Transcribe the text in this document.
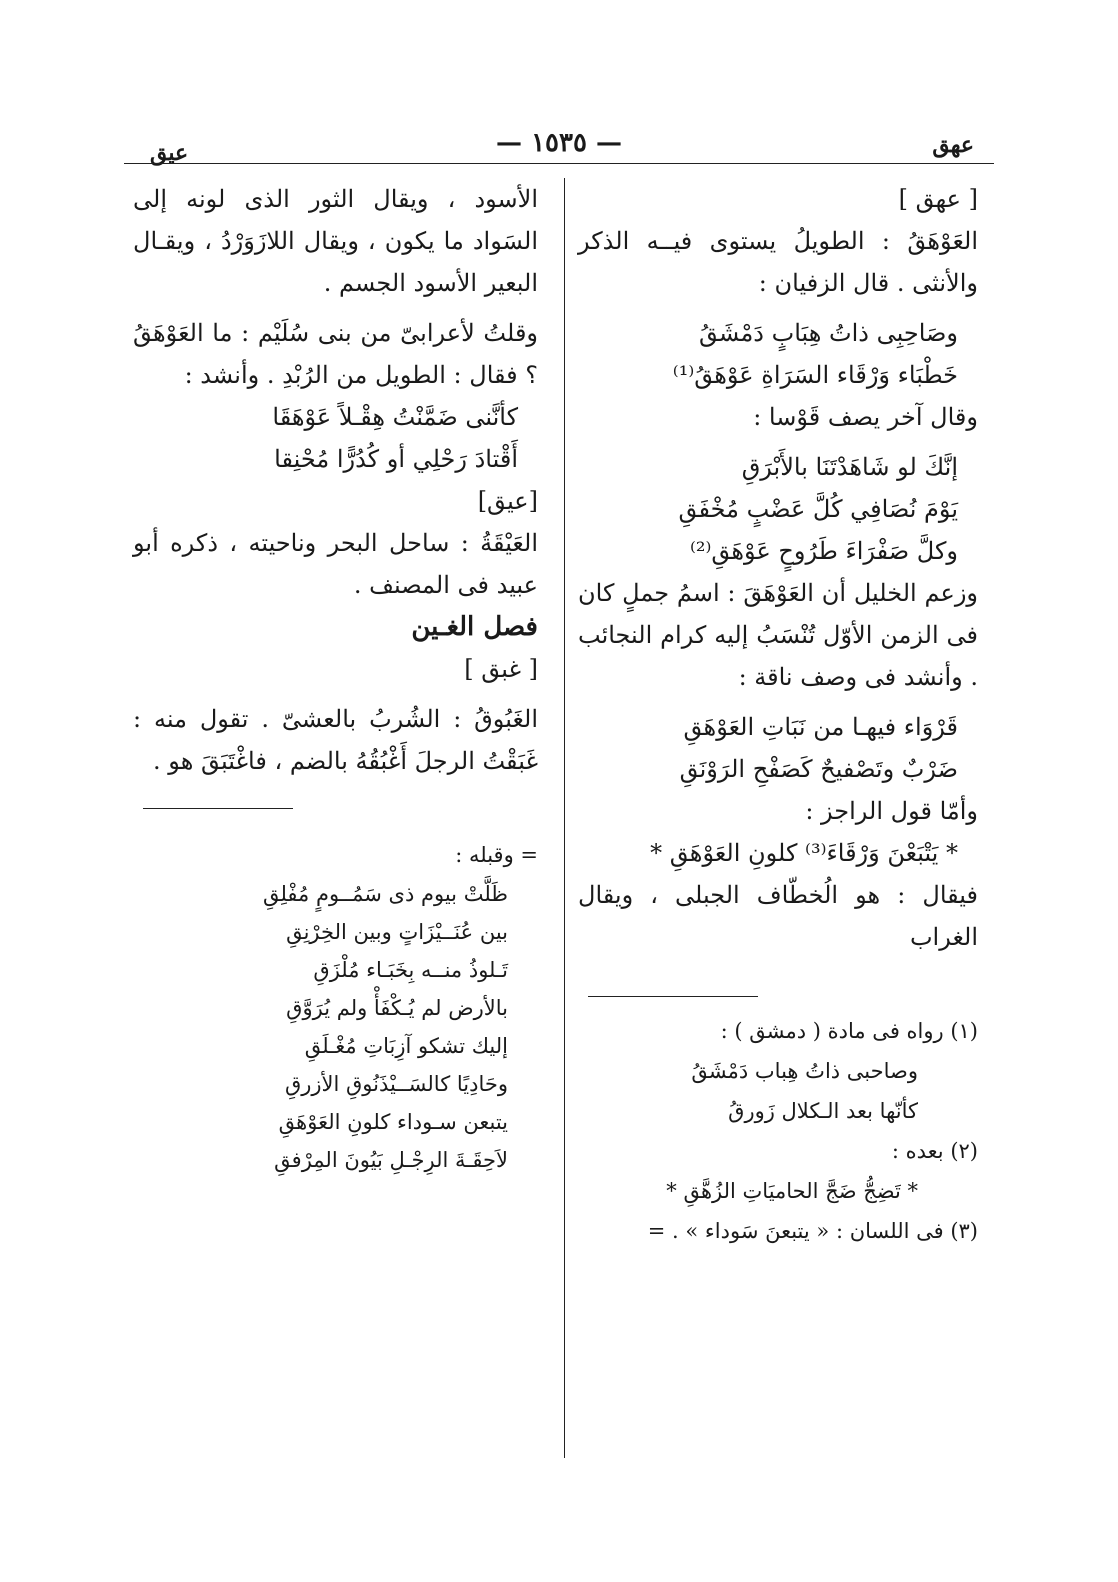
عهق
— ١٥٣٥ —
عيق

[ عهق ]

العَوْهَقُ : الطويلُ يستوى فيــه الذكر والأنثى . قال الزفيان :

وصَاحِبِى ذاتُ هِبَابٍ دَمْشَقُ

خَطْبَاء وَرْقَاء السَرَاةِ عَوْهَقُ⁽¹⁾

وقال آخر يصف قَوْسا :

إنَّكَ لو شَاهَدْتَنَا بالأَبْرَقِ

يَوْمَ نُصَافِي كُلَّ عَضْبٍ مُخْفَقِ

وكلَّ صَفْرَاءَ طَرُوحٍ عَوْهَقِ⁽²⁾

وزعم الخليل أن العَوْهَقَ : اسمُ جملٍ كان فى الزمن الأوّل تُنْسَبُ إليه كرام النجائب . وأنشد فى وصف ناقة :

قَرْوَاء فيهـا من نَبَاتِ العَوْهَقِ

ضَرْبٌ وتَصْفيحٌ كَصَفْحِ الرَوْنَقِ

وأمّا قول الراجز :

* يَتْبَعْنَ وَرْقَاءَ⁽³⁾ كلونِ العَوْهَقِ *

فيقال : هو الُخطّاف الجبلى ، ويقال الغراب

(١) رواه فى مادة ( دمشق ) :

وصاحبى ذاتُ هِباب دَمْشَقُ

كأنّها بعد الـكلال زَورقُ

(٢) بعده :

* تَضِجُّ ضَجَّ الحاميَاتِ الزُهَّقِ *

(٣) فى اللسان : « يتبعنَ سَوداء » . =

الأسود ، ويقال الثور الذى لونه إلى السَواد ما يكون ، ويقال اللازَوَرْدُ ، ويقـال البعير الأسود الجسم .

وقلتُ لأعرابىّ من بنى سُلَيْم : ما العَوْهَقُ ؟ فقال : الطويل من الرُبْدِ . وأنشد :

كأنَّنى ضَمَّنْتُ هِقْـلاً عَوْهَقَا

أَقْتادَ رَحْلِي أو كُدُرًّا مُحْنِقا

[عيق]

العَيْقَةُ : ساحل البحر وناحيته ، ذكره أبو عبيد فى المصنف .

فصل الغـين

[ غبق ]

الغَبُوقُ : الشُربُ بالعشىّ . تقول منه : غَبَقْتُ الرجلَ أَغْبُقُهُ بالضم ، فاغْتَبَقَ هو .

= وقبله :

ظَلَّتْ بيوم ذى سَمُــومٍ مُفْلِقِ

بين عُنَــيْزَاتٍ وبين الخِرْنِقِ

تَـلوذُ منــه بِخَبَـاء مُلْزَقِ

بالأرض لم يُـكْفَأْ ولم يُرَوَّقِ

إليك تشكو آزِبَاتِ مُغْـلَقِ

وحَادِيًا كالسَــيْذَنُوقِ الأزرقِ

يتبعن سـوداء كلونِ العَوْهَقِ

لاَحِقَـةَ الرِجْـلِ بَيُونَ المِرْفقِ
